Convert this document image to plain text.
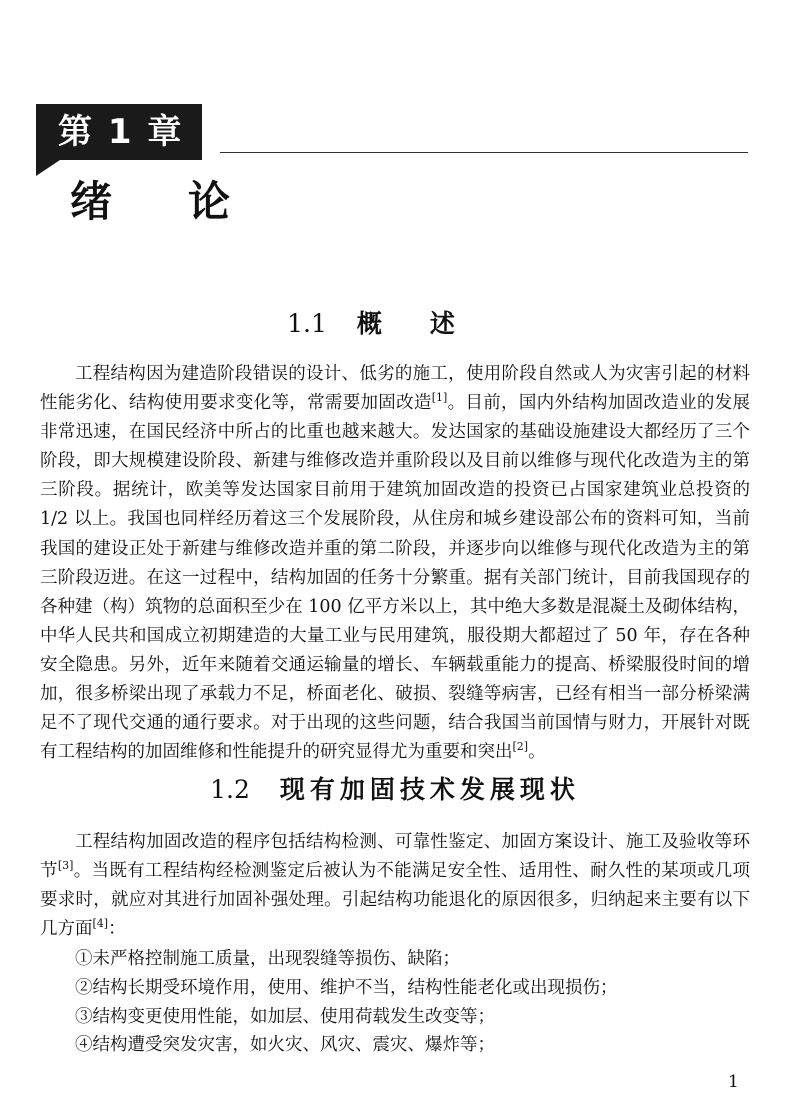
第 1 章
绪论
1.1 概述

工程结构因为建造阶段错误的设计、低劣的施工，使用阶段自然或人为灾害引起的材料性能劣化、结构使用要求变化等，常需要加固改造[1]。目前，国内外结构加固改造业的发展非常迅速，在国民经济中所占的比重也越来越大。发达国家的基础设施建设大都经历了三个阶段，即大规模建设阶段、新建与维修改造并重阶段以及目前以维修与现代化改造为主的第三阶段。据统计，欧美等发达国家目前用于建筑加固改造的投资已占国家建筑业总投资的 1/2 以上。我国也同样经历着这三个发展阶段，从住房和城乡建设部公布的资料可知，当前我国的建设正处于新建与维修改造并重的第二阶段，并逐步向以维修与现代化改造为主的第三阶段迈进。在这一过程中，结构加固的任务十分繁重。据有关部门统计，目前我国现存的各种建（构）筑物的总面积至少在 100 亿平方米以上，其中绝大多数是混凝土及砌体结构，中华人民共和国成立初期建造的大量工业与民用建筑，服役期大都超过了 50 年，存在各种安全隐患。另外，近年来随着交通运输量的增长、车辆载重能力的提高、桥梁服役时间的增加，很多桥梁出现了承载力不足，桥面老化、破损、裂缝等病害，已经有相当一部分桥梁满足不了现代交通的通行要求。对于出现的这些问题，结合我国当前国情与财力，开展针对既有工程结构的加固维修和性能提升的研究显得尤为重要和突出[2]。

1.2 现有加固技术发展现状

工程结构加固改造的程序包括结构检测、可靠性鉴定、加固方案设计、施工及验收等环节[3]。当既有工程结构经检测鉴定后被认为不能满足安全性、适用性、耐久性的某项或几项要求时，就应对其进行加固补强处理。引起结构功能退化的原因很多，归纳起来主要有以下几方面[4]：

①未严格控制施工质量，出现裂缝等损伤、缺陷；
②结构长期受环境作用，使用、维护不当，结构性能老化或出现损伤；
③结构变更使用性能，如加层、使用荷载发生改变等；
④结构遭受突发灾害，如火灾、风灾、震灾、爆炸等；
1
